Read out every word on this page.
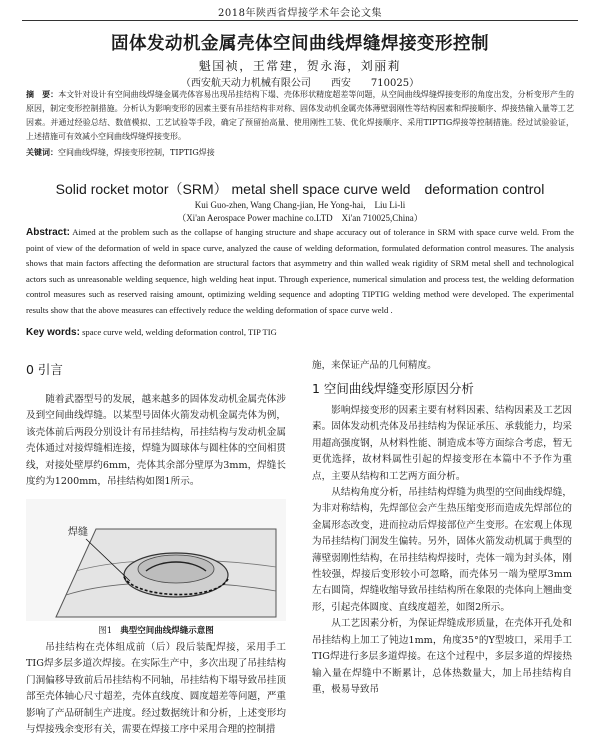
2018年陕西省焊接学术年会论文集
固体发动机金属壳体空间曲线焊缝焊接变形控制
魁国祯，王常建，贺永海，刘丽莉
（西安航天动力机械有限公司　　西安　　710025）
摘　要：本文针对设计有空间曲线焊缝金属壳体容易出现吊挂结构下塌、壳体形状精度超差等问题，从空间曲线焊缝焊接变形的角度出发，分析变形产生的原因，制定变形控制措施。分析认为影响变形的因素主要有吊挂结构非对称、固体发动机金属壳体薄壁弱刚性等结构因素和焊接顺序、焊接热输入量等工艺因素。并通过经验总结、数值模拟、工艺试验等手段，确定了预留抬高量、使用刚性工装、优化焊接顺序、采用TIPTIG焊接等控制措施。经过试验验证，上述措施可有效减小空间曲线焊缝焊接变形。
关键词：空间曲线焊缝，焊接变形控制，TIPTIG焊接
Solid rocket motor（SRM） metal shell space curve weld　deformation control
Kui Guo-zhen, Wang Chang-jian, He Yong-hai,　Liu Li-li
（Xi'an Aerospace Power machine co.LTD　Xi'an 710025,China）
Abstract: Aimed at the problem such as the collapse of hanging structure and shape accuracy out of tolerance in SRM with space curve weld. From the point of view of the deformation of weld in space curve, analyzed the cause of welding deformation, formulated deformation control measures. The analysis shows that main factors affecting the deformation are structural factors that asymmetry and thin walled weak rigidity of SRM metal shell and technological actors such as unreasonable welding sequence, high welding heat input. Through experience, numerical simulation and process test, the welding deformation control measures such as reserved raising amount, optimizing welding sequence and adopting TIPTIG welding method were developed. The experimental results show that the above measures can effectively reduce the welding deformation of space curve weld .
Key words: space curve weld, welding deformation control, TIP TIG
0 引言

随着武器型号的发展，越来越多的固体发动机金属壳体涉及到空间曲线焊缝。以某型号固体火箭发动机金属壳体为例，该壳体前后两段分别设计有吊挂结构，吊挂结构与发动机金属壳体通过对接焊缝相连接，焊缝为圆球体与圆柱体的空间相贯线，对接处壁厚约6mm，壳体其余部分壁厚为3mm，焊缝长度约为1200mm，吊挂结构如图1所示。

焊缝
图1 典型空间曲线焊缝示意图

吊挂结构在壳体组成前（后）段后装配焊接，采用手工TIG焊多层多道次焊接。在实际生产中，多次出现了吊挂结构门洞偏移导致前后吊挂结构不同轴，吊挂结构下塌导致吊挂顶部至壳体轴心尺寸超差，壳体直线度、圆度超差等问题，严重影响了产品研制生产进度。经过数据统计和分析，上述变形均与焊接残余变形有关，需要在焊接工序中采用合理的控制措

施，来保证产品的几何精度。

1 空间曲线焊缝变形原因分析

影响焊接变形的因素主要有材料因素、结构因素及工艺因素。固体发动机壳体及吊挂结构为保证承压、承载能力，均采用超高强度钢，从材料性能、制造成本等方面综合考虑，暂无更优选择，故材料属性引起的焊接变形在本篇中不予作为重点，主要从结构和工艺两方面分析。

从结构角度分析，吊挂结构焊缝为典型的空间曲线焊缝，为非对称结构，先焊部位会产生热压缩变形而造成先焊部位的金属形态改变，进而拉动后焊接部位产生变形。在宏观上体现为吊挂结构门洞发生偏转。另外，固体火箭发动机属于典型的薄壁弱刚性结构，在吊挂结构焊接时，壳体一端为封头体，刚性较强，焊接后变形较小可忽略，而壳体另一端为壁厚3mm左右圆筒，焊缝收缩导致吊挂结构所在象限的壳体向上翘曲变形，引起壳体圆度、直线度超差，如图2所示。

从工艺因素分析，为保证焊缝成形质量，在壳体开孔处和吊挂结构上加工了钝边1mm，角度35°的Y型坡口，采用手工TIG焊进行多层多道焊接。在这个过程中，多层多道的焊接热输入量在焊缝中不断累计，总体热数量大，加上吊挂结构自重，极易导致吊
